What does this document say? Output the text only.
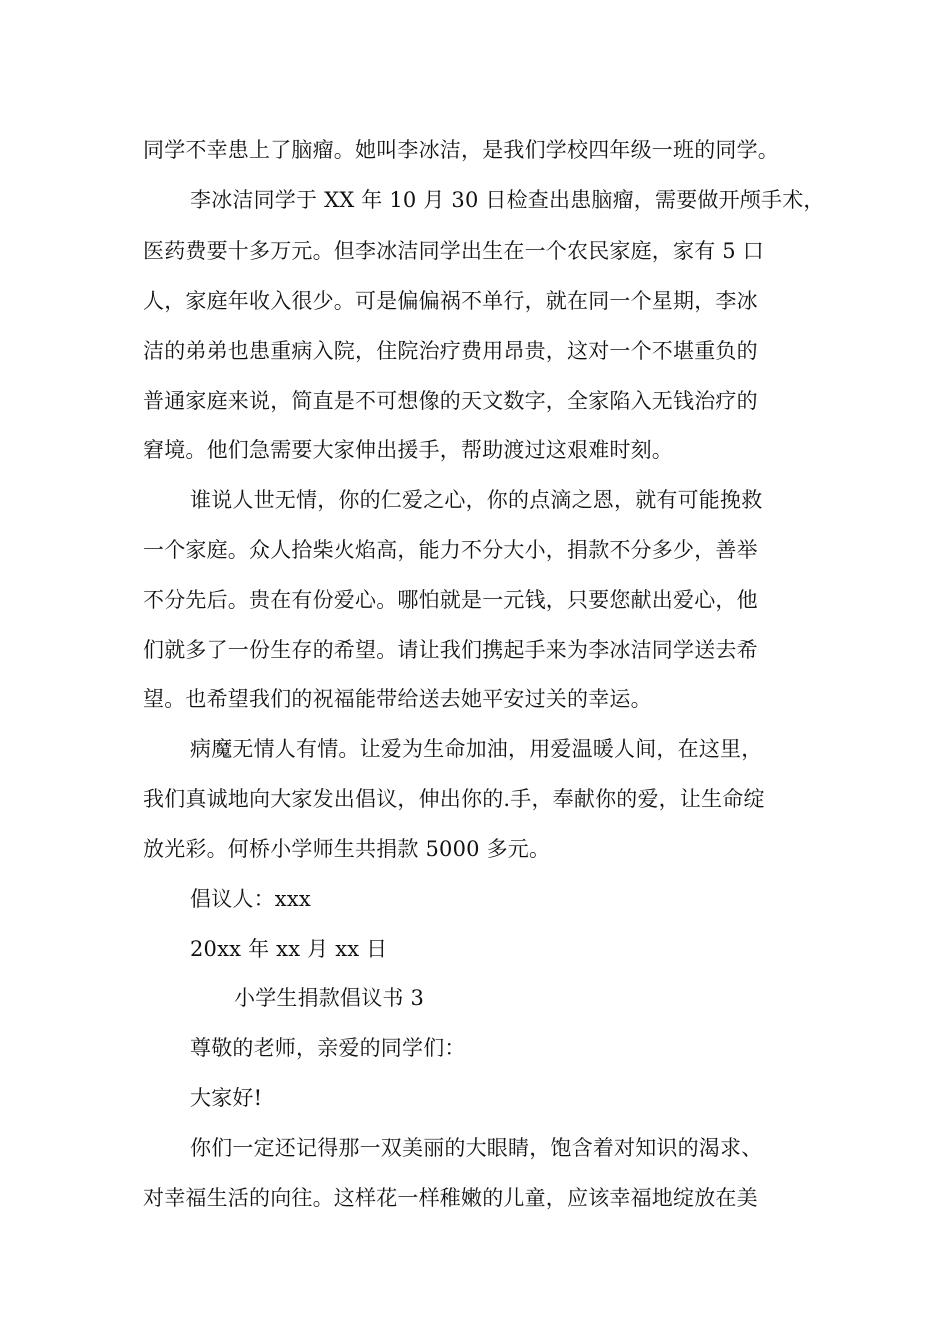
同学不幸患上了脑瘤。她叫李冰洁，是我们学校四年级一班的同学。
李冰洁同学于 XX 年 10 月 30 日检查出患脑瘤，需要做开颅手术，
医药费要十多万元。但李冰洁同学出生在一个农民家庭，家有 5 口
人，家庭年收入很少。可是偏偏祸不单行，就在同一个星期，李冰
洁的弟弟也患重病入院，住院治疗费用昂贵，这对一个不堪重负的
普通家庭来说，简直是不可想像的天文数字，全家陷入无钱治疗的
窘境。他们急需要大家伸出援手，帮助渡过这艰难时刻。
谁说人世无情，你的仁爱之心，你的点滴之恩，就有可能挽救
一个家庭。众人拾柴火焰高，能力不分大小，捐款不分多少，善举
不分先后。贵在有份爱心。哪怕就是一元钱，只要您献出爱心，他
们就多了一份生存的希望。请让我们携起手来为李冰洁同学送去希
望。也希望我们的祝福能带给送去她平安过关的幸运。
病魔无情人有情。让爱为生命加油，用爱温暖人间，在这里，
我们真诚地向大家发出倡议，伸出你的.手，奉献你的爱，让生命绽
放光彩。何桥小学师生共捐款 5000 多元。
倡议人：xxx
20xx 年 xx 月 xx 日
小学生捐款倡议书 3
尊敬的老师，亲爱的同学们：
大家好!
你们一定还记得那一双美丽的大眼睛，饱含着对知识的渴求、
对幸福生活的向往。这样花一样稚嫩的儿童，应该幸福地绽放在美
